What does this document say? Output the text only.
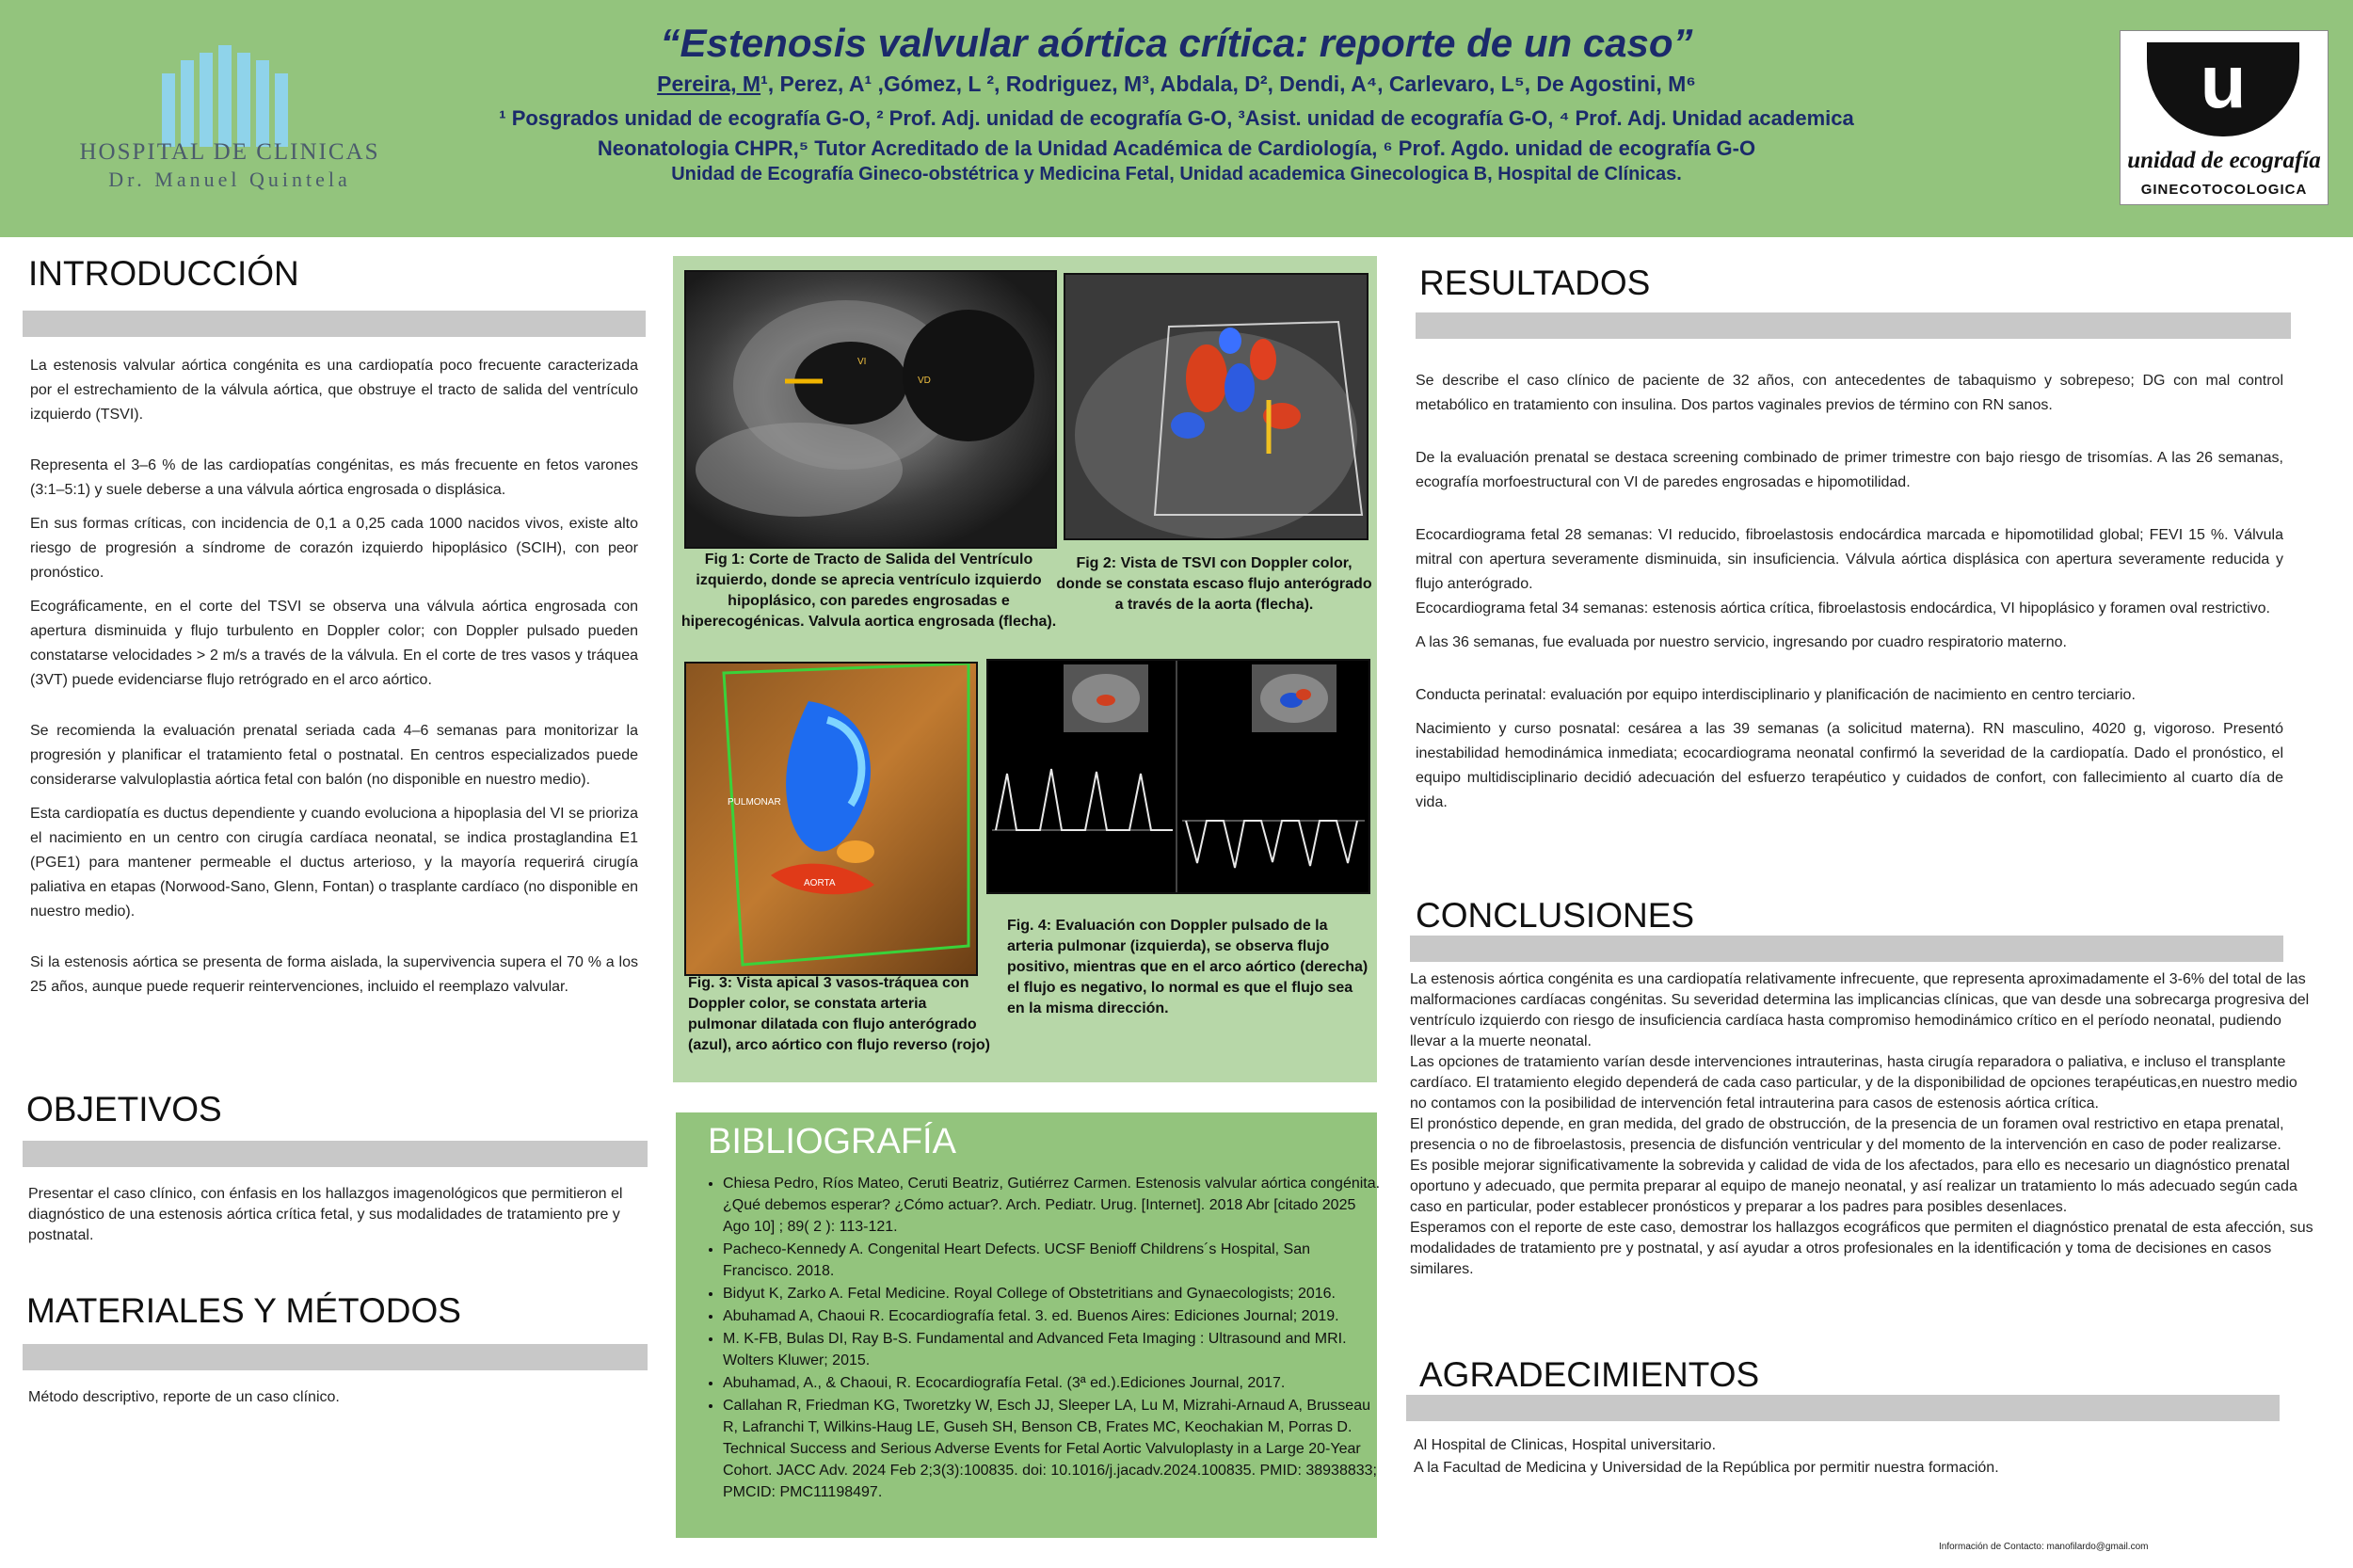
HOSPITAL DE CLINICAS
Dr. Manuel Quintela
“Estenosis valvular aórtica crítica: reporte de un caso”
Pereira, M¹, Perez, A¹ ,Gómez, L ², Rodriguez, M³, Abdala, D², Dendi, A⁴, Carlevaro, L⁵, De Agostini, M⁶
¹ Posgrados unidad de ecografía G-O, ² Prof. Adj. unidad de ecografía G-O, ³Asist. unidad de ecografía G-O, ⁴ Prof. Adj. Unidad academica
Neonatologia CHPR,⁵ Tutor Acreditado de la Unidad Académica de Cardiología, ⁶ Prof. Agdo. unidad de ecografía G-O
Unidad de Ecografía Gineco-obstétrica y Medicina Fetal, Unidad academica Ginecologica B, Hospital de Clínicas.
u
unidad de ecografía
GINECOTOCOLOGICA
INTRODUCCIÓN

La estenosis valvular aórtica congénita es una cardiopatía poco frecuente caracterizada por el estrechamiento de la válvula aórtica, que obstruye el tracto de salida del ventrículo izquierdo (TSVI).

Representa el 3–6 % de las cardiopatías congénitas, es más frecuente en fetos varones (3:1–5:1) y suele deberse a una válvula aórtica engrosada o displásica.

En sus formas críticas, con incidencia de 0,1 a 0,25 cada 1000 nacidos vivos, existe alto riesgo de progresión a síndrome de corazón izquierdo hipoplásico (SCIH), con peor pronóstico.

Ecográficamente, en el corte del TSVI se observa una válvula aórtica engrosada con apertura disminuida y flujo turbulento en Doppler color; con Doppler pulsado pueden constatarse velocidades > 2 m/s a través de la válvula. En el corte de tres vasos y tráquea (3VT) puede evidenciarse flujo retrógrado en el arco aórtico.

Se recomienda la evaluación prenatal seriada cada 4–6 semanas para monitorizar la progresión y planificar el tratamiento fetal o postnatal. En centros especializados puede considerarse valvuloplastia aórtica fetal con balón (no disponible en nuestro medio).

Esta cardiopatía es ductus dependiente y cuando evoluciona a hipoplasia del VI se prioriza el nacimiento en un centro con cirugía cardíaca neonatal, se indica prostaglandina E1 (PGE1) para mantener permeable el ductus arterioso, y la mayoría requerirá cirugía paliativa en etapas (Norwood-Sano, Glenn, Fontan) o trasplante cardíaco (no disponible en nuestro medio).

Si la estenosis aórtica se presenta de forma aislada, la supervivencia supera el 70 % a los 25 años, aunque puede requerir reintervenciones, incluido el reemplazo valvular.

OBJETIVOS
Presentar el caso clínico, con énfasis en los hallazgos imagenológicos que permitieron el diagnóstico de una estenosis aórtica crítica fetal, y sus modalidades de tratamiento pre y postnatal.
MATERIALES Y MÉTODOS
Método descriptivo, reporte de un caso clínico.
VI
VD
Fig 1: Corte de Tracto de Salida del Ventrículo izquierdo, donde se apreciа ventrículo izquierdo hipoplásico, con paredes engrosadas e hiperecogénicas. Valvula aortica engrosada (flecha).
Fig 2: Vista de TSVI con Doppler color, donde se constata escaso flujo anterógrado a través de la aorta (flecha).
PULMONAR
AORTA
Fig. 3: Vista apical 3 vasos-tráquea con Doppler color, se constata arteria pulmonar dilatada con flujo anterógrado (azul), arco aórtico con flujo reverso (rojo)
Fig. 4: Evaluación con Doppler pulsado de la arteria pulmonar (izquierda), se observa flujo positivo, mientras que en el arco aórtico (derecha) el flujo es negativo, lo normal es que el flujo sea en la misma dirección.
BIBLIOGRAFÍA
• Chiesa Pedro, Ríos Mateo, Ceruti Beatriz, Gutiérrez Carmen. Estenosis valvular aórtica congénita. ¿Qué debemos esperar? ¿Cómo actuar?. Arch. Pediatr. Urug. [Internet]. 2018 Abr [citado 2025 Ago 10] ; 89( 2 ): 113-121.
• Pacheco-Kennedy A. Congenital Heart Defects. UCSF Benioff Childrens´s Hospital, San Francisco. 2018.
• Bidyut K, Zarko A. Fetal Medicine. Royal College of Obstetritians and Gynaecologists; 2016.
• Abuhamad A, Chaoui R. Ecocardiografía fetal. 3. ed. Buenos Aires: Ediciones Journal; 2019.
• M. K-FB, Bulas DI, Ray B-S. Fundamental and Advanced Feta Imaging : Ultrasound and MRI. Wolters Kluwer; 2015.
• Abuhamad, A., & Chaoui, R. Ecocardiografía Fetal. (3ª ed.).Ediciones Journal, 2017.
• Callahan R, Friedman KG, Tworetzky W, Esch JJ, Sleeper LA, Lu M, Mizrahi-Arnaud A, Brusseau R, Lafranchi T, Wilkins-Haug LE, Guseh SH, Benson CB, Frates MC, Keochakian M, Porras D. Technical Success and Serious Adverse Events for Fetal Aortic Valvuloplasty in a Large 20-Year Cohort. JACC Adv. 2024 Feb 2;3(3):100835. doi: 10.1016/j.jacadv.2024.100835. PMID: 38938833; PMCID: PMC11198497.
RESULTADOS

Se describe el caso clínico de paciente de 32 años, con antecedentes de tabaquismo y sobrepeso; DG con mal control metabólico en tratamiento con insulina. Dos partos vaginales previos de término con RN sanos.

De la evaluación prenatal se destaca screening combinado de primer trimestre con bajo riesgo de trisomías. A las 26 semanas, ecografía morfoestructural con VI de paredes engrosadas e hipomotilidad.

Ecocardiograma fetal 28 semanas: VI reducido, fibroelastosis endocárdica marcada e hipomotilidad global; FEVI 15 %. Válvula mitral con apertura severamente disminuida, sin insuficiencia. Válvula aórtica displásica con apertura severamente reducida y flujo anterógrado.

Ecocardiograma fetal 34 semanas: estenosis aórtica crítica, fibroelastosis endocárdica, VI hipoplásico y foramen oval restrictivo.

A las 36 semanas, fue evaluada por nuestro servicio, ingresando por cuadro respiratorio materno.

Conducta perinatal: evaluación por equipo interdisciplinario y planificación de nacimiento en centro terciario.

Nacimiento y curso posnatal: cesárea a las 39 semanas (a solicitud materna). RN masculino, 4020 g, vigoroso. Presentó inestabilidad hemodinámica inmediata; ecocardiograma neonatal confirmó la severidad de la cardiopatía. Dado el pronóstico, el equipo multidisciplinario decidió adecuación del esfuerzo terapéutico y cuidados de confort, con fallecimiento al cuarto día de vida.

CONCLUSIONES
La estenosis aórtica congénita es una cardiopatía relativamente infrecuente, que representa aproximadamente el 3-6% del total de las malformaciones cardíacas congénitas. Su severidad determina las implicancias clínicas, que van desde una sobrecarga progresiva del ventrículo izquierdo con riesgo de insuficiencia cardíaca hasta compromiso hemodinámico crítico en el período neonatal, pudiendo llevar a la muerte neonatal.
Las opciones de tratamiento varían desde intervenciones intrauterinas, hasta cirugía reparadora o paliativa, e incluso el transplante cardíaco. El tratamiento elegido dependerá de cada caso particular, y de la disponibilidad de opciones terapéuticas,en nuestro medio no contamos con la posibilidad de intervención fetal intrauterina para casos de estenosis aórtica crítica.
El pronóstico depende, en gran medida, del grado de obstrucción, de la presencia de un foramen oval restrictivo en etapa prenatal, presencia o no de fibroelastosis, presencia de disfunción ventricular y del momento de la intervención en caso de poder realizarse.
Es posible mejorar significativamente la sobrevida y calidad de vida de los afectados, para ello es necesario un diagnóstico prenatal oportuno y adecuado, que permita preparar al equipo de manejo neonatal, y así realizar un tratamiento lo más adecuado según cada caso en particular, poder establecer pronósticos y preparar a los padres para posibles desenlaces.
Esperamos con el reporte de este caso, demostrar los hallazgos ecográficos que permiten el diagnóstico prenatal de esta afección, sus modalidades de tratamiento pre y postnatal, y así ayudar a otros profesionales en la identificación y toma de decisiones en casos similares.
AGRADECIMIENTOS
Al Hospital de Clinicas, Hospital universitario.
A la Facultad de Medicina y Universidad de la República por permitir nuestra formación.
Información de Contacto: manofilardo@gmail.com
